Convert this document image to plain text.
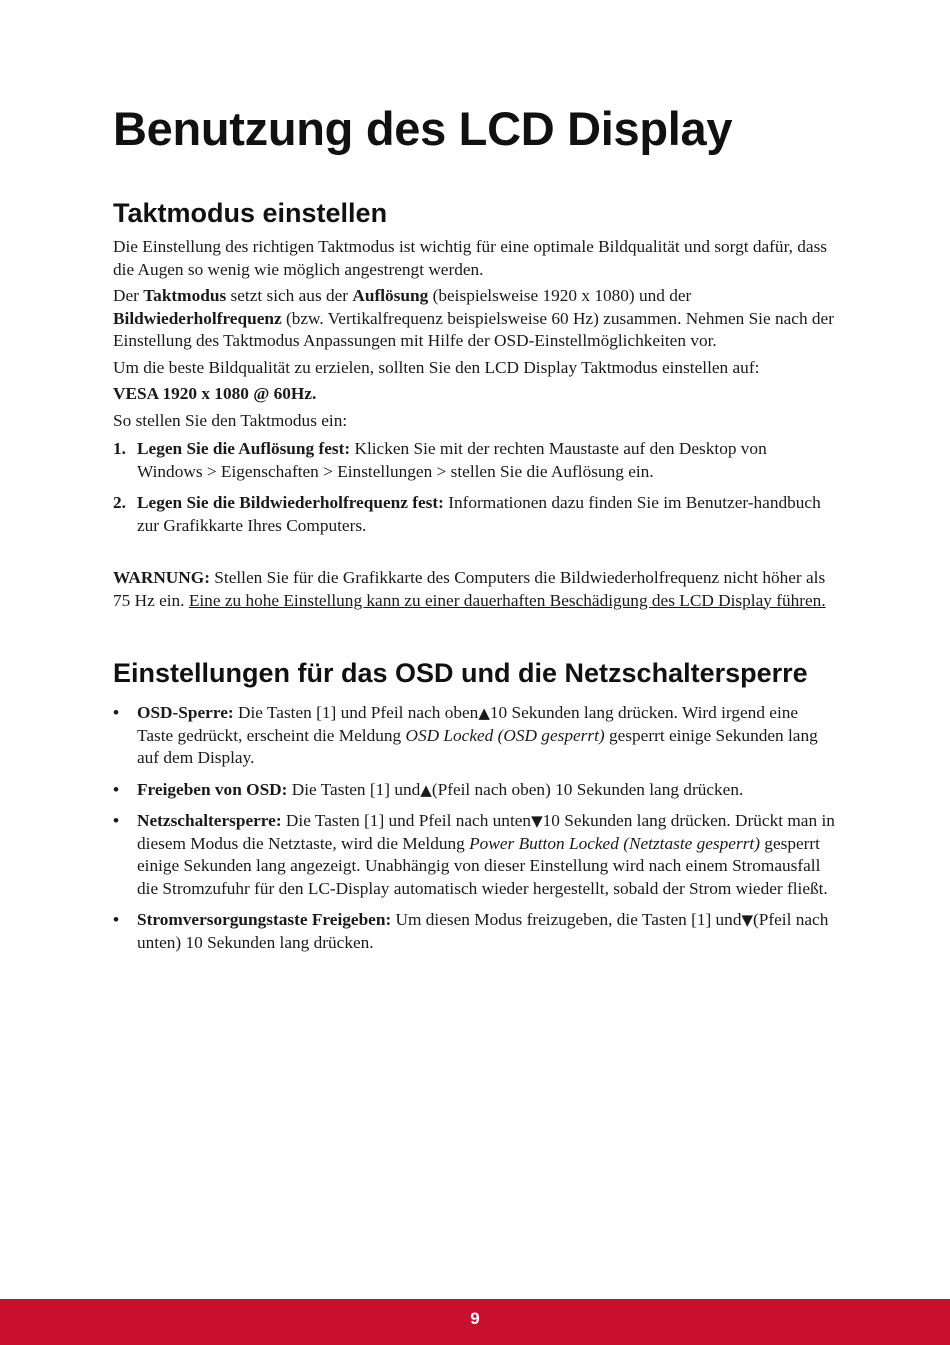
Benutzung des LCD Display
Taktmodus einstellen

Die Einstellung des richtigen Taktmodus ist wichtig für eine optimale Bildqualität und sorgt dafür, dass die Augen so wenig wie möglich angestrengt werden.

Der Taktmodus setzt sich aus der Auflösung (beispielsweise 1920 x 1080) und der Bildwiederholfrequenz (bzw. Vertikalfrequenz beispielsweise 60 Hz) zusammen. Nehmen Sie nach der Einstellung des Taktmodus Anpassungen mit Hilfe der OSD-Einstellmöglichkeiten vor.

Um die beste Bildqualität zu erzielen, sollten Sie den LCD Display Taktmodus einstellen auf:

VESA 1920 x 1080 @ 60Hz.

So stellen Sie den Taktmodus ein:

1. Legen Sie die Auflösung fest: Klicken Sie mit der rechten Maustaste auf den Desktop von Windows > Eigenschaften > Einstellungen > stellen Sie die Auflösung ein.
2. Legen Sie die Bildwiederholfrequenz fest: Informationen dazu finden Sie im Benutzer-handbuch zur Grafikkarte Ihres Computers.

WARNUNG: Stellen Sie für die Grafikkarte des Computers die Bildwiederholfrequenz nicht höher als 75 Hz ein. Eine zu hohe Einstellung kann zu einer dauerhaften Beschädigung des LCD Display führen.

Einstellungen für das OSD und die Netzschaltersperre
• OSD-Sperre: Die Tasten [1] und Pfeil nach oben▲10 Sekunden lang drücken. Wird irgend eine Taste gedrückt, erscheint die Meldung OSD Locked (OSD gesperrt) gesperrt einige Sekunden lang auf dem Display.
• Freigeben von OSD: Die Tasten [1] und▲(Pfeil nach oben) 10 Sekunden lang drücken.
• Netzschaltersperre: Die Tasten [1] und Pfeil nach unten▼10 Sekunden lang drücken. Drückt man in diesem Modus die Netztaste, wird die Meldung Power Button Locked (Netztaste gesperrt) gesperrt einige Sekunden lang angezeigt. Unabhängig von dieser Einstellung wird nach einem Stromausfall die Stromzufuhr für den LC-Display automatisch wieder hergestellt, sobald der Strom wieder fließt.
• Stromversorgungstaste Freigeben: Um diesen Modus freizugeben, die Tasten [1] und▼(Pfeil nach unten) 10 Sekunden lang drücken.
9
